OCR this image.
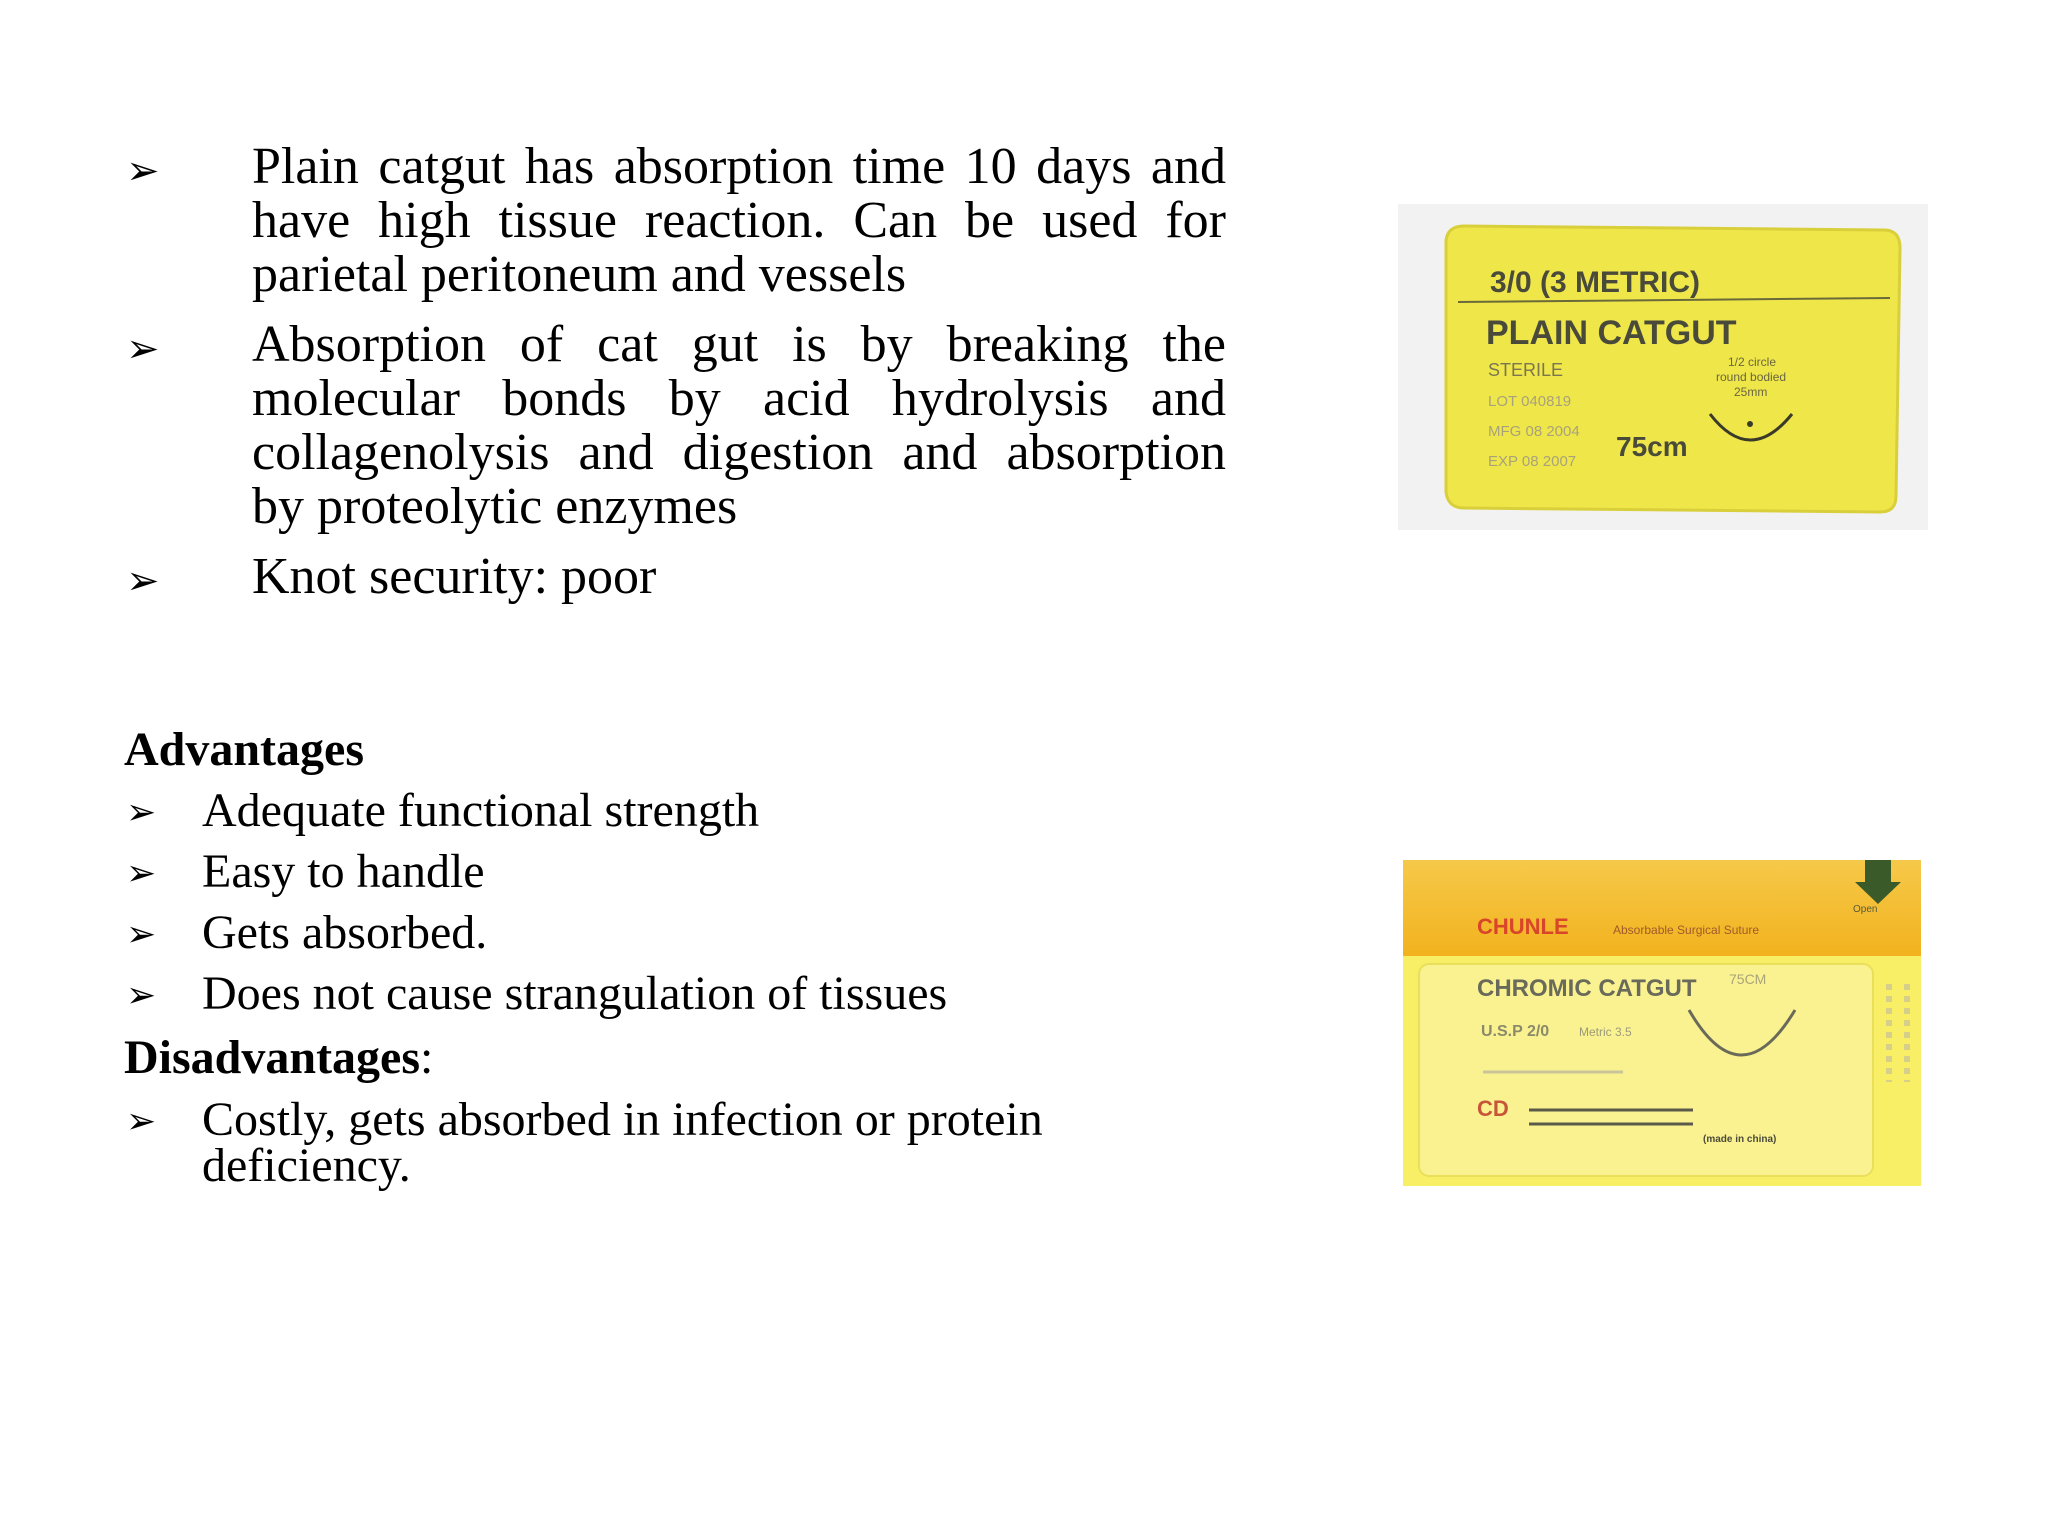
➢ Plain catgut has absorption time 10 days and have high tissue reaction. Can be used for parietal peritoneum and vessels
➢ Absorption of cat gut is by breaking the molecular bonds by acid hydrolysis and collagenolysis and digestion and absorption by proteolytic enzymes
➢ Knot security: poor
Advantages
➢ Adequate functional strength
➢ Easy to handle
➢ Gets absorbed.
➢ Does not cause strangulation of tissues
Disadvantages:
➢ Costly, gets absorbed in infection or protein deficiency.
3/0 (3 METRIC)
PLAIN CATGUT
STERILE
LOT 040819
MFG 08 2004
EXP 08 2007 75cm
1/2 circle
round bodied
25mm
CHUNLE	Absorbable Surgical Suture
CHROMIC CATGUT
U.S.P 2/0 Metric 3.5
75CM
Open
(made in china)
CD
